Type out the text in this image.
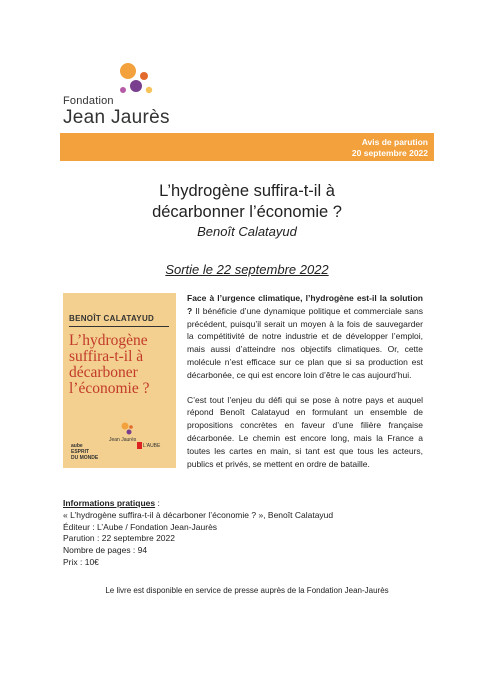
Fondation
Jean Jaurès
Avis de parution
20 septembre 2022
L’hydrogène suffira-t-il à
décarbonner l’économie ?
Benoît Calatayud
Sortie le 22 septembre 2022
BENOÎT CALATAYUD
L’hydrogène suffira-t-il à décarboner l’économie ?
Jean Jaurès
aube
ESPRIT
DU MONDE
L'AUBE

Face à l’urgence climatique, l’hydrogène est-il la solution ? Il bénéficie d’une dynamique politique et commerciale sans précédent, puisqu’il serait un moyen à la fois de sauvegarder la compétitivité de notre industrie et de développer l’emploi, mais aussi d’atteindre nos objectifs climatiques. Or, cette molécule n’est efficace sur ce plan que si sa production est décarbonée, ce qui est encore loin d’être le cas aujourd’hui.

C’est tout l’enjeu du défi qui se pose à notre pays et auquel répond Benoît Calatayud en formulant un ensemble de propositions concrètes en faveur d’une filière française décarbonée. Le chemin est encore long, mais la France a toutes les cartes en main, si tant est que tous les acteurs, publics et privés, se mettent en ordre de bataille.

Informations pratiques :
« L’hydrogène suffira-t-il à décarboner l’économie ? », Benoît Calatayud
Éditeur : L’Aube / Fondation Jean-Jaurès
Parution : 22 septembre 2022
Nombre de pages : 94
Prix : 10€
Le livre est disponible en service de presse auprès de la Fondation Jean-Jaurès
